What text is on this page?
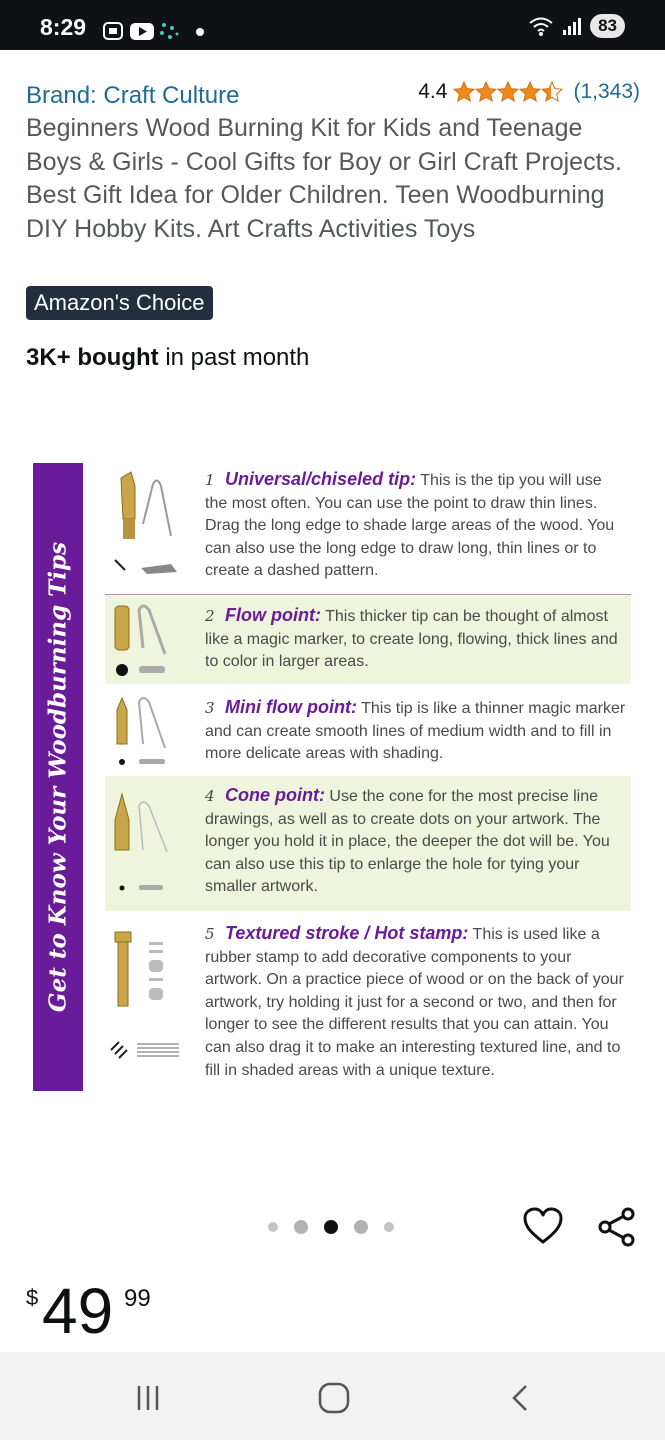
8:29	83
Brand: Craft Culture	4.4	(1,343)
Beginners Wood Burning Kit for Kids and Teenage Boys & Girls - Cool Gifts for Boy or Girl Craft Projects. Best Gift Idea for Older Children. Teen Woodburning DIY Hobby Kits. Art Crafts Activities Toys
Amazon's Choice
3K+ bought in past month
Get to Know Your Woodburning Tips
1 Universal/chiseled tip: This is the tip you will use the most often. You can use the point to draw thin lines. Drag the long edge to shade large areas of the wood. You can also use the long edge to draw long, thin lines or to create a dashed pattern.
2 Flow point: This thicker tip can be thought of almost like a magic marker, to create long, flowing, thick lines and to color in larger areas.
3 Mini flow point: This tip is like a thinner magic marker and can create smooth lines of medium width and to fill in more delicate areas with shading.
4 Cone point: Use the cone for the most precise line drawings, as well as to create dots on your artwork. The longer you hold it in place, the deeper the dot will be. You can also use this tip to enlarge the hole for tying your smaller artwork.
5 Textured stroke / Hot stamp: This is used like a rubber stamp to add decorative components to your artwork. On a practice piece of wood or on the back of your artwork, try holding it just for a second or two, and then for longer to see the different results that you can attain. You can also drag it to make an interesting textured line, and to fill in shaded areas with a unique texture.
$ 49 99
